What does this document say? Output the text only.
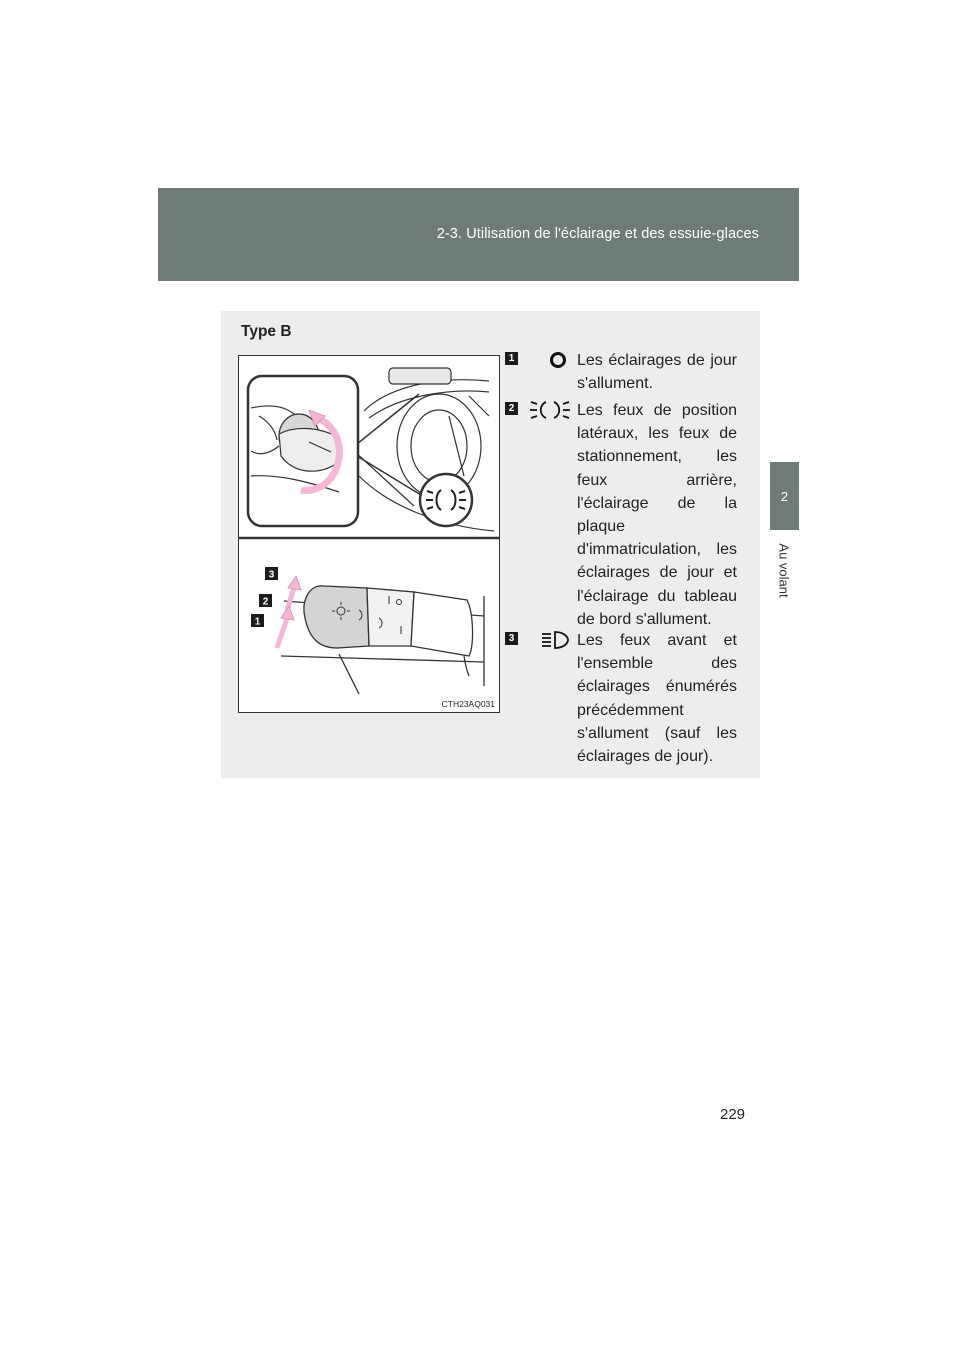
2-3. Utilisation de l'éclairage et des essuie-glaces
2
Au volant
Type B
3
2
1
CTH23AQ031
1	Les éclairages de jour s'allument.
2	Les feux de position latéraux, les feux de stationnement, les feux arrière, l'éclairage de la plaque d'immatriculation, les éclairages de jour et l'éclairage du tableau de bord s'allument.
3	Les feux avant et l'ensemble des éclairages énumérés précédemment s'allument (sauf les éclairages de jour).
229
